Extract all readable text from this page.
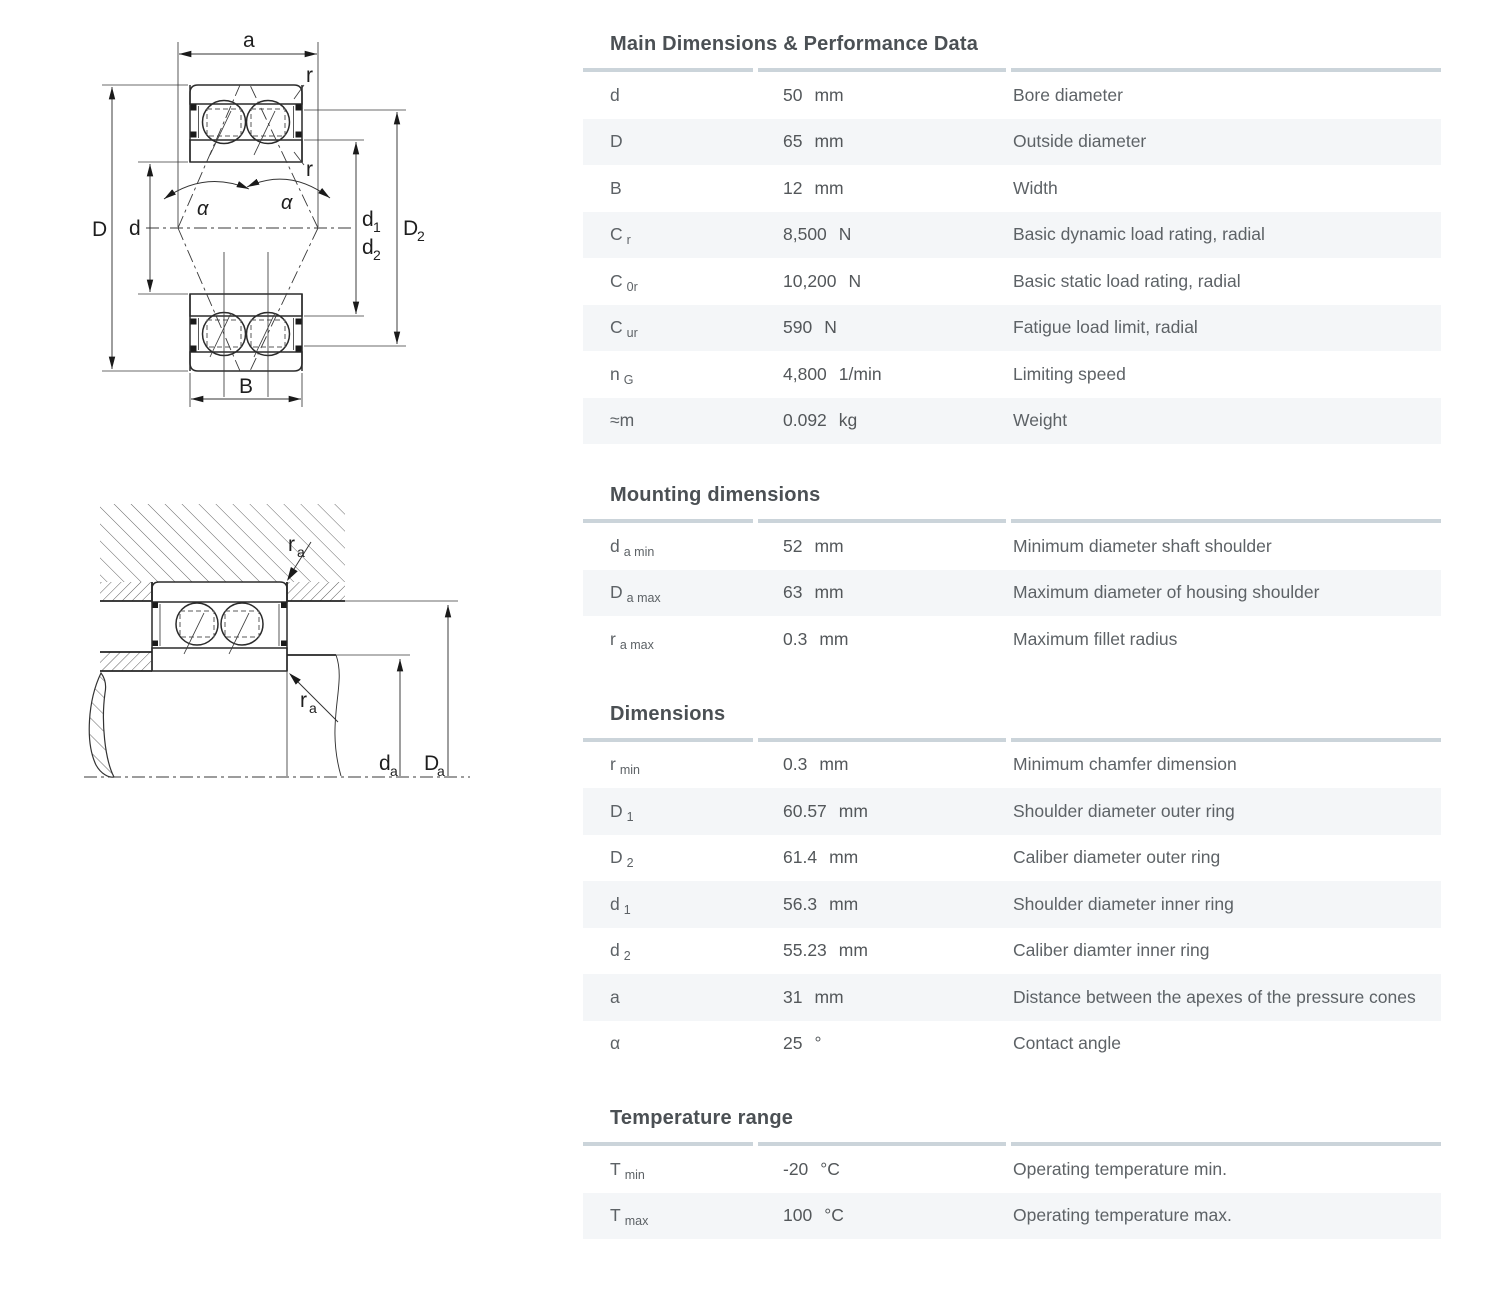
a
r
r
D d	d 1
d 2
D
2
B
α	α
r a
r a
d a D
a
Main Dimensions & Performance Data
d	50 mm	Bore diameter
D	65 mm	Outside diameter
B	12 mm	Width
C $_r$	8,500 N	Basic dynamic load rating, radial
C $_{0r}$	10,200 N	Basic static load rating, radial
C $_{ur}$	590 N	Fatigue load limit, radial
n $_G$	4,800 1/min	Limiting speed
≈m	0.092 kg	Weight
Mounting dimensions
d $_{a min}$	52 mm	Minimum diameter shaft shoulder
D $_{a max}$	63 mm	Maximum diameter of housing shoulder
r $_{a max}$	0.3 mm	Maximum fillet radius
Dimensions
r $_{min}$	0.3 mm	Minimum chamfer dimension
D $_1$	60.57 mm	Shoulder diameter outer ring
D $_2$	61.4 mm	Caliber diameter outer ring
d $_1$	56.3 mm	Shoulder diameter inner ring
d $_2$	55.23 mm	Caliber diamter inner ring
a	31 mm	Distance between the apexes of the pressure cones
α	25 °	Contact angle
Temperature range
T $_{min}$	-20 °C	Operating temperature min.
T $_{max}$	100 °C	Operating temperature max.
